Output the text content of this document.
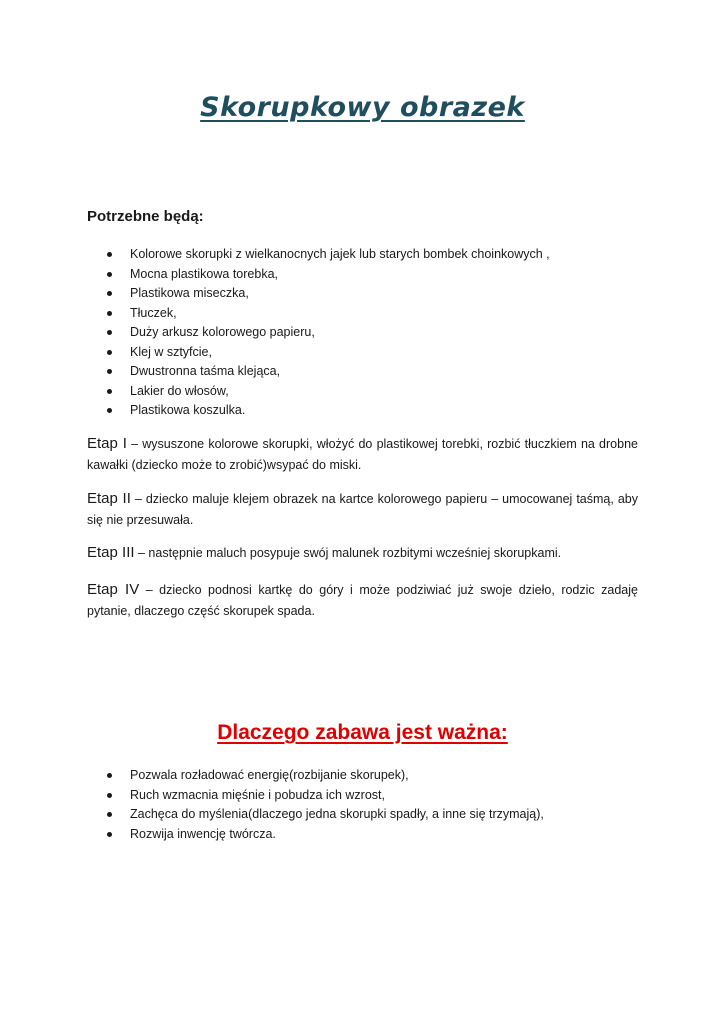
Skorupkowy obrazek

Potrzebne będą:

Kolorowe skorupki z wielkanocnych jajek lub starych bombek choinkowych ,
Mocna plastikowa torebka,
Plastikowa miseczka,
Tłuczek,
Duży arkusz kolorowego papieru,
Klej w sztyfcie,
Dwustronna taśma klejąca,
Lakier do włosów,
Plastikowa koszulka.

Etap I – wysuszone kolorowe skorupki, włożyć do plastikowej torebki, rozbić tłuczkiem na drobne kawałki (dziecko może to zrobić)wsypać do miski.

Etap II – dziecko maluje klejem obrazek na kartce kolorowego papieru – umocowanej taśmą, aby się nie przesuwała.

Etap III – następnie maluch posypuje swój malunek rozbitymi wcześniej skorupkami.

Etap IV – dziecko podnosi kartkę do góry i może podziwiać już swoje dzieło, rodzic zadaję pytanie, dlaczego część skorupek spada.

Dlaczego zabawa jest ważna:
Pozwala rozładować energię(rozbijanie skorupek),
Ruch wzmacnia mięśnie i pobudza ich wzrost,
Zachęca do myślenia(dlaczego jedna skorupki spadły, a inne się trzymają),
Rozwija inwencję twórcza.
